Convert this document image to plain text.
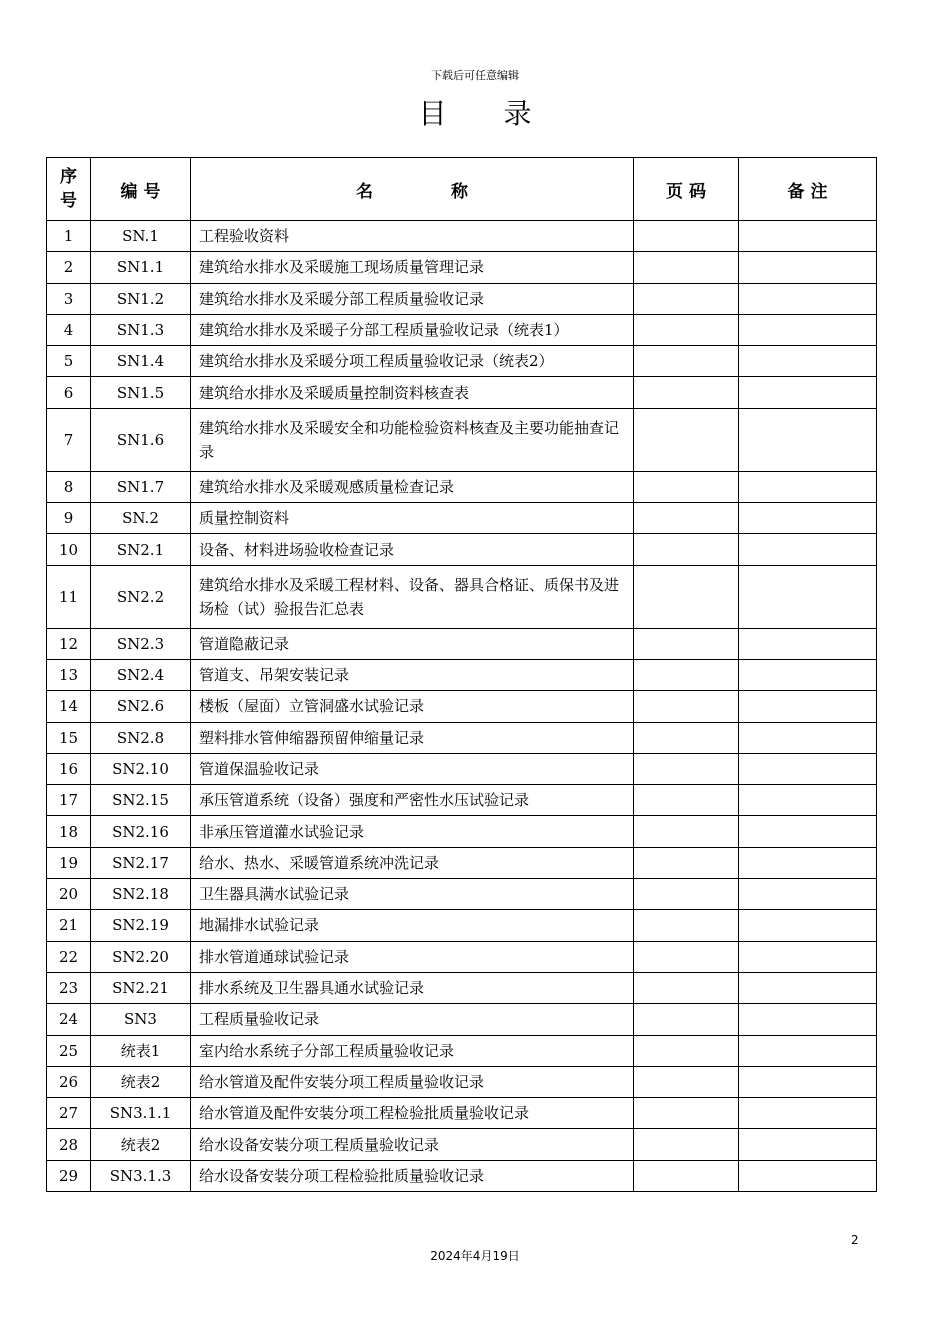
下载后可任意编辑
目 录
序号	编号	名 称	页码	备注
1	SN.1	工程验收资料		
2	SN1.1	建筑给水排水及采暖施工现场质量管理记录		
3	SN1.2	建筑给水排水及采暖分部工程质量验收记录		
4	SN1.3	建筑给水排水及采暖子分部工程质量验收记录（统表1）		
5	SN1.4	建筑给水排水及采暖分项工程质量验收记录（统表2）		
6	SN1.5	建筑给水排水及采暖质量控制资料核查表		
7	SN1.6	建筑给水排水及采暖安全和功能检验资料核查及主要功能抽查记录		
8	SN1.7	建筑给水排水及采暖观感质量检查记录		
9	SN.2	质量控制资料		
10	SN2.1	设备、材料进场验收检查记录		
11	SN2.2	建筑给水排水及采暖工程材料、设备、器具合格证、质保书及进场检（试）验报告汇总表		
12	SN2.3	管道隐蔽记录		
13	SN2.4	管道支、吊架安装记录		
14	SN2.6	楼板（屋面）立管洞盛水试验记录		
15	SN2.8	塑料排水管伸缩器预留伸缩量记录		
16	SN2.10	管道保温验收记录		
17	SN2.15	承压管道系统（设备）强度和严密性水压试验记录		
18	SN2.16	非承压管道灌水试验记录		
19	SN2.17	给水、热水、采暖管道系统冲洗记录		
20	SN2.18	卫生器具满水试验记录		
21	SN2.19	地漏排水试验记录		
22	SN2.20	排水管道通球试验记录		
23	SN2.21	排水系统及卫生器具通水试验记录		
24	SN3	工程质量验收记录		
25	统表1	室内给水系统子分部工程质量验收记录		
26	统表2	给水管道及配件安装分项工程质量验收记录		
27	SN3.1.1	给水管道及配件安装分项工程检验批质量验收记录		
28	统表2	给水设备安装分项工程质量验收记录		
29	SN3.1.3	给水设备安装分项工程检验批质量验收记录		
2
2024年4月19日
